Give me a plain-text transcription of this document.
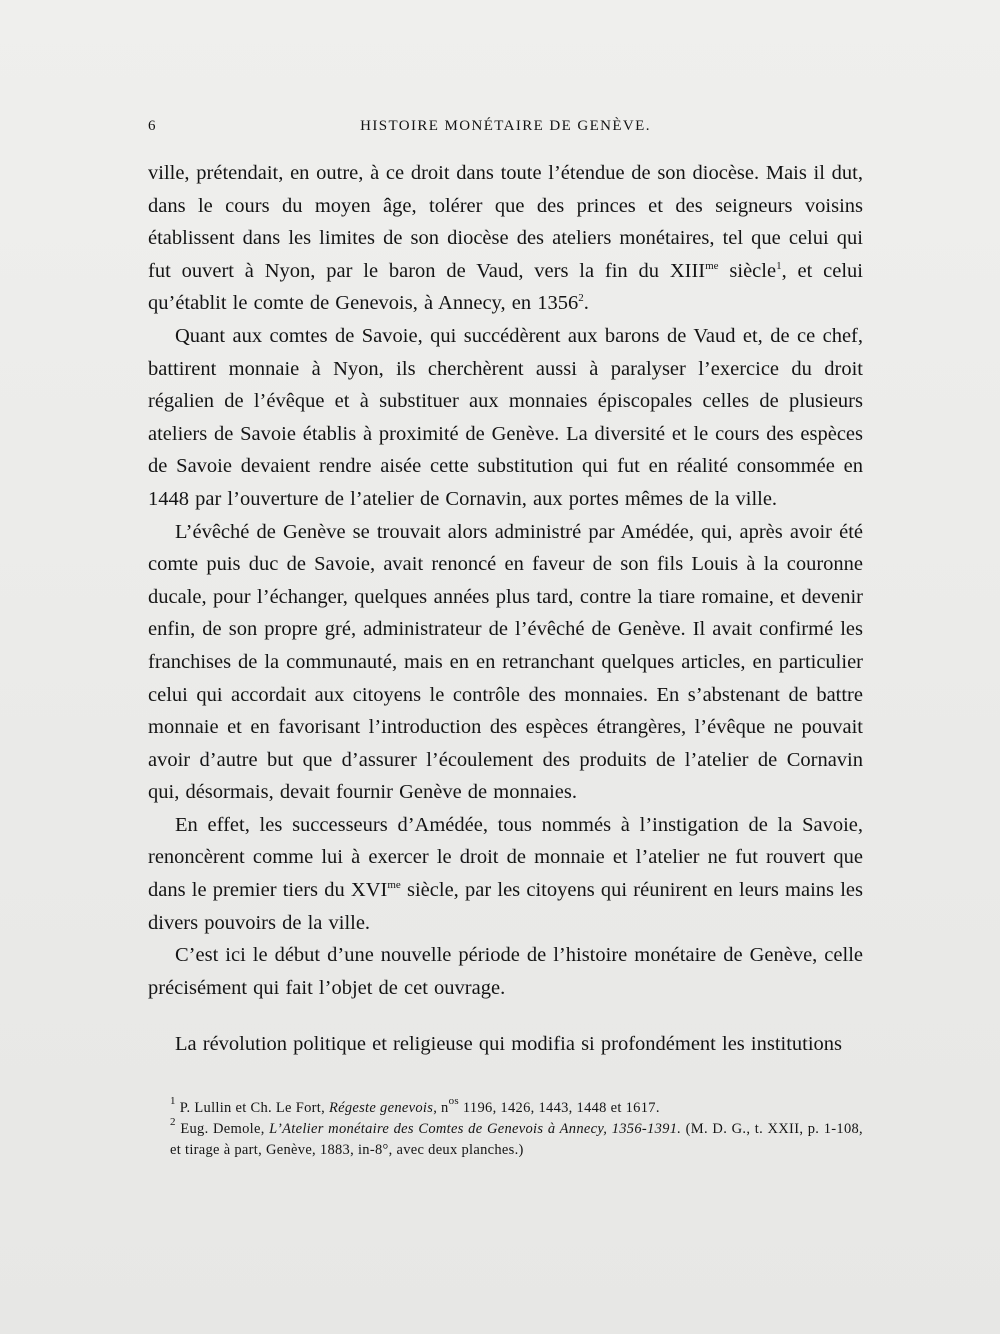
6	HISTOIRE MONÉTAIRE DE GENÈVE.

ville, prétendait, en outre, à ce droit dans toute l’étendue de son diocèse. Mais il dut, dans le cours du moyen âge, tolérer que des princes et des seigneurs voisins établissent dans les limites de son diocèse des ateliers monétaires, tel que celui qui fut ouvert à Nyon, par le baron de Vaud, vers la fin du $XIII^{me}$ siècle$^1$, et celui qu’établit le comte de Genevois, à Annecy, en 1356$^2$.

Quant aux comtes de Savoie, qui succédèrent aux barons de Vaud et, de ce chef, battirent monnaie à Nyon, ils cherchèrent aussi à paralyser l’exercice du droit régalien de l’évêque et à substituer aux monnaies épiscopales celles de plusieurs ateliers de Savoie établis à proximité de Genève. La diversité et le cours des espèces de Savoie devaient rendre aisée cette substitution qui fut en réalité consommée en 1448 par l’ouverture de l’atelier de Cornavin, aux portes mêmes de la ville.

L’évêché de Genève se trouvait alors administré par Amédée, qui, après avoir été comte puis duc de Savoie, avait renoncé en faveur de son fils Louis à la couronne ducale, pour l’échanger, quelques années plus tard, contre la tiare romaine, et devenir enfin, de son propre gré, administrateur de l’évêché de Genève. Il avait confirmé les franchises de la communauté, mais en en retranchant quelques articles, en particulier celui qui accordait aux citoyens le contrôle des monnaies. En s’abstenant de battre monnaie et en favorisant l’introduction des espèces étrangères, l’évêque ne pouvait avoir d’autre but que d’assurer l’écoulement des produits de l’atelier de Cornavin qui, désormais, devait fournir Genève de monnaies.

En effet, les successeurs d’Amédée, tous nommés à l’instigation de la Savoie, renoncèrent comme lui à exercer le droit de monnaie et l’atelier ne fut rouvert que dans le premier tiers du $XVI^{me}$ siècle, par les citoyens qui réunirent en leurs mains les divers pouvoirs de la ville.

C’est ici le début d’une nouvelle période de l’histoire monétaire de Genève, celle précisément qui fait l’objet de cet ouvrage.

La révolution politique et religieuse qui modifia si profondément les institutions

$^1$ P. Lullin et Ch. Le Fort, Régeste genevois, $n^{os}$ 1196, 1426, 1443, 1448 et 1617.

$^2$ Eug. Demole, L’Atelier monétaire des Comtes de Genevois à Annecy, 1356-1391. (M. D. G., t. XXII, p. 1-108, et tirage à part, Genève, 1883, in-8°, avec deux planches.)
